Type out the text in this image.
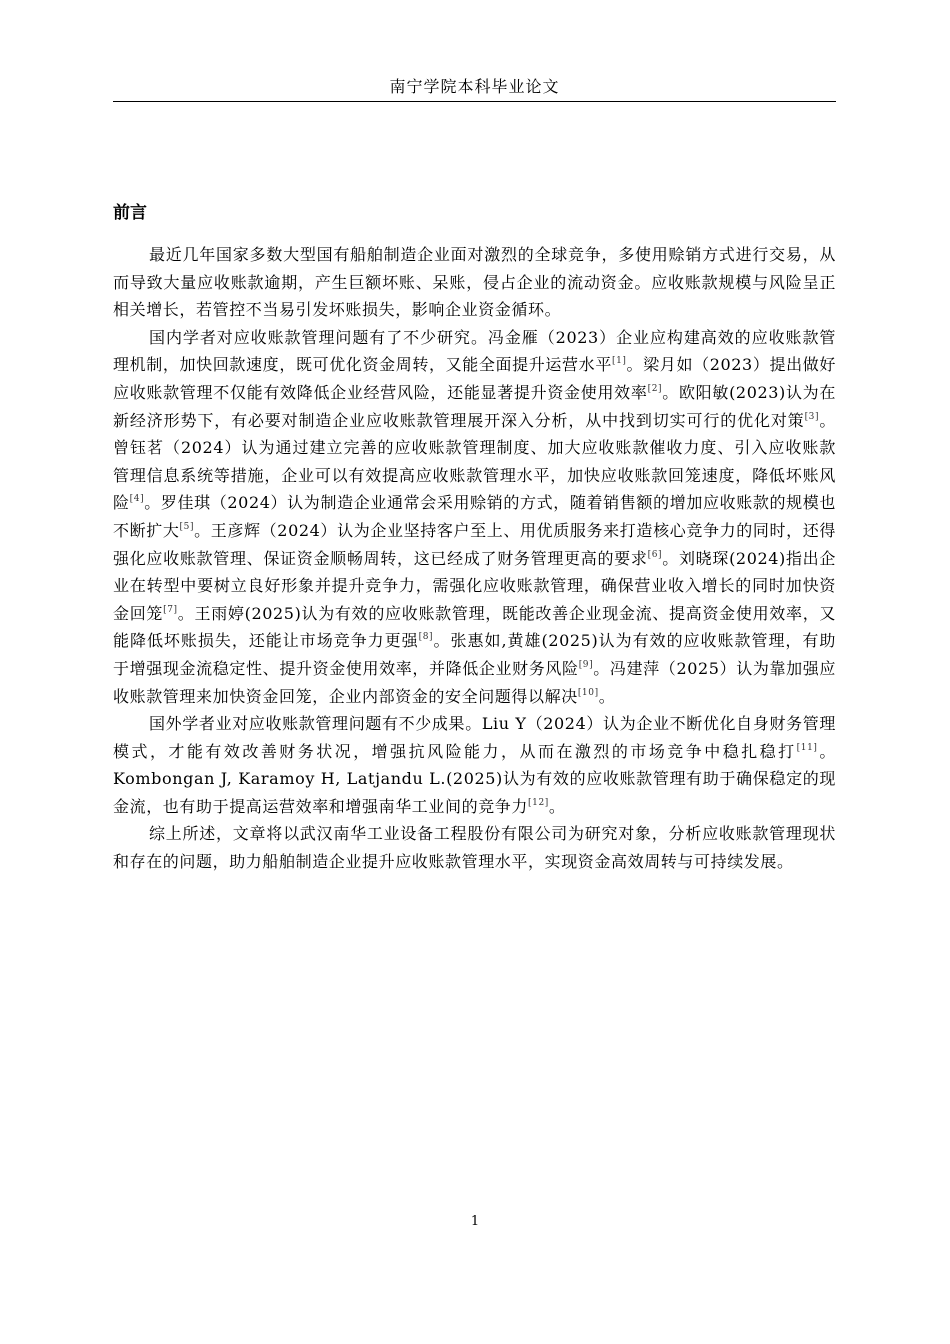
南宁学院本科毕业论文
前言

最近几年国家多数大型国有船舶制造企业面对激烈的全球竞争，多使用赊销方式进行交易，从而导致大量应收账款逾期，产生巨额坏账、呆账，侵占企业的流动资金。应收账款规模与风险呈正相关增长，若管控不当易引发坏账损失，影响企业资金循环。

国内学者对应收账款管理问题有了不少研究。冯金雁（2023）企业应构建高效的应收账款管理机制，加快回款速度，既可优化资金周转，又能全面提升运营水平[1]。梁月如（2023）提出做好应收账款管理不仅能有效降低企业经营风险，还能显著提升资金使用效率[2]。欧阳敏(2023)认为在新经济形势下，有必要对制造企业应收账款管理展开深入分析，从中找到切实可行的优化对策[3]。曾钰茗（2024）认为通过建立完善的应收账款管理制度、加大应收账款催收力度、引入应收账款管理信息系统等措施，企业可以有效提高应收账款管理水平，加快应收账款回笼速度，降低坏账风险[4]。罗佳琪（2024）认为制造企业通常会采用赊销的方式，随着销售额的增加应收账款的规模也不断扩大[5]。王彦辉（2024）认为企业坚持客户至上、用优质服务来打造核心竞争力的同时，还得强化应收账款管理、保证资金顺畅周转，这已经成了财务管理更高的要求[6]。刘晓琛(2024)指出企业在转型中要树立良好形象并提升竞争力，需强化应收账款管理，确保营业收入增长的同时加快资金回笼[7]。王雨婷(2025)认为有效的应收账款管理，既能改善企业现金流、提高资金使用效率，又能降低坏账损失，还能让市场竞争力更强[8]。张惠如,黄雄(2025)认为有效的应收账款管理，有助于增强现金流稳定性、提升资金使用效率，并降低企业财务风险[9]。冯建萍（2025）认为靠加强应收账款管理来加快资金回笼，企业内部资金的安全问题得以解决[10]。

国外学者业对应收账款管理问题有不少成果。Liu Y（2024）认为企业不断优化自身财务管理模式，才能有效改善财务状况，增强抗风险能力，从而在激烈的市场竞争中稳扎稳打[11]。Kombongan J, Karamoy H, Latjandu L.(2025)认为有效的应收账款管理有助于确保稳定的现金流，也有助于提高运营效率和增强南华工业间的竞争力[12]。

综上所述，文章将以武汉南华工业设备工程股份有限公司为研究对象，分析应收账款管理现状和存在的问题，助力船舶制造企业提升应收账款管理水平，实现资金高效周转与可持续发展。

1
